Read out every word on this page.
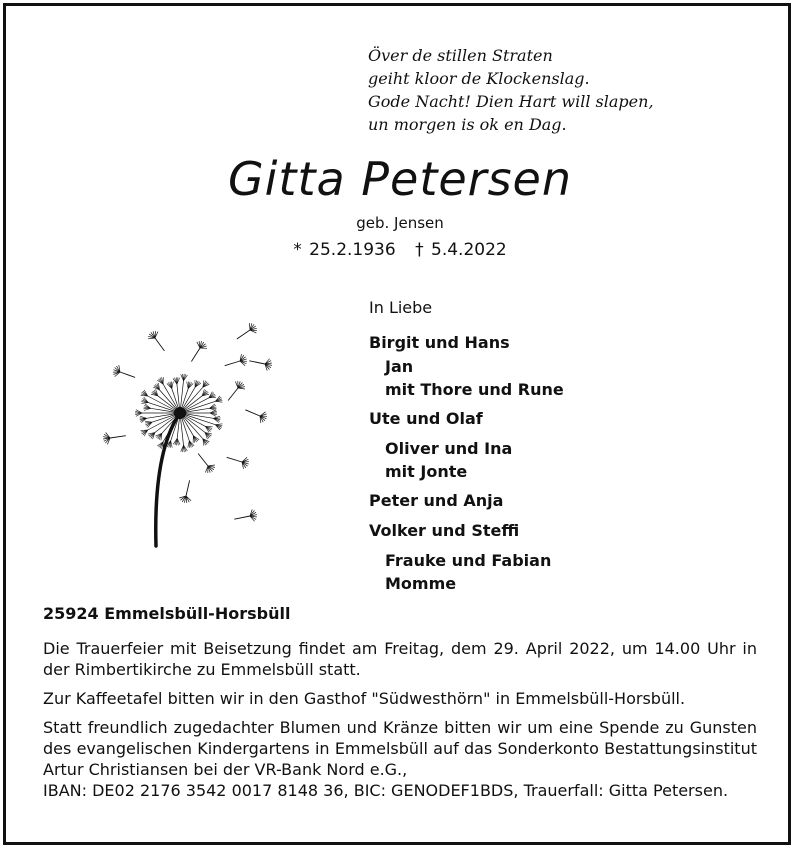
Över de stillen Straten
geiht kloor de Klockenslag.
Gode Nacht! Dien Hart will slapen,
un morgen is ok en Dag.
Gitta Petersen
geb. Jensen
* 25.2.1936 † 5.4.2022
In Liebe
Birgit und Hans
Jan
mit Thore und Rune
Ute und Olaf
Oliver und Ina
mit Jonte
Peter und Anja
Volker und Steffi
Frauke und Fabian
Momme
25924 Emmelsbüll-Horsbüll

Die Trauerfeier mit Beisetzung findet am Freitag, dem 29. April 2022, um 14.00 Uhr in der Rimbertikirche zu Emmelsbüll statt.

Zur Kaffeetafel bitten wir in den Gasthof "Südwesthörn" in Emmelsbüll-Horsbüll.

Statt freundlich zugedachter Blumen und Kränze bitten wir um eine Spende zu Gunsten des evangelischen Kindergartens in Emmelsbüll auf das Sonderkonto Bestattungsinstitut Artur Christiansen bei der VR-Bank Nord e.G.,

IBAN: DE02 2176 3542 0017 8148 36, BIC: GENODEF1BDS, Trauerfall: Gitta Petersen.
